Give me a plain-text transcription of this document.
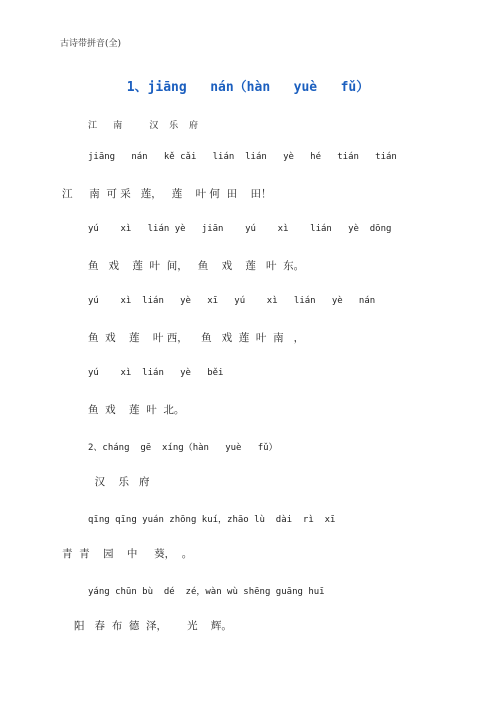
古诗带拼音(全)
1、jiāng   nán（hàn   yuè   fǔ）
江   南     汉  乐  府
jiāng   nán   kě cǎi   lián  lián   yè   hé   tián   tián
江     南  可 采   莲，   莲    叶 何  田    田！
yú    xì   lián yè   jiān    yú    xì    lián   yè  dōng
鱼   戏    莲  叶  间，   鱼    戏    莲   叶  东。
yú    xì  lián   yè   xī   yú    xì   lián   yè   nán
鱼  戏    莲    叶 西，    鱼   戏  莲  叶  南   ，
yú    xì  lián   yè   běi
鱼  戏    莲  叶  北。
2、cháng  gē  xíng（hàn   yuè   fǔ）
汉    乐   府
qīng qīng yuán zhōng kuí，zhāo lù  dài  rì  xī
青  青    园    中     葵，  。
yáng chūn bù  dé  zé，wàn wù shēng guāng huī
阳   春  布  德  泽，      光    辉。
